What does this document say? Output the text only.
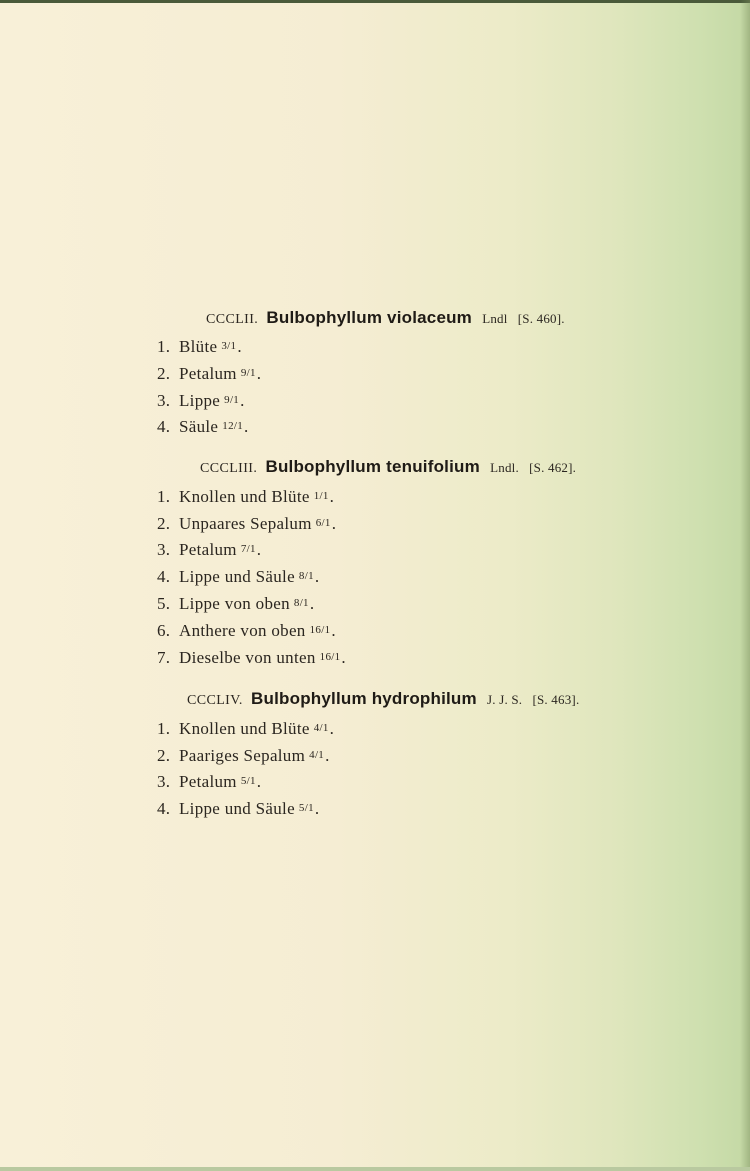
CCCLII. Bulbophyllum violaceum Lndl [S. 460].
1. Blüte 3/1.
2. Petalum 9/1.
3. Lippe 9/1.
4. Säule 12/1.
CCCLIII. Bulbophyllum tenuifolium Lndl. [S. 462].
1. Knollen und Blüte 1/1.
2. Unpaares Sepalum 6/1.
3. Petalum 7/1.
4. Lippe und Säule 8/1.
5. Lippe von oben 8/1.
6. Anthere von oben 16/1.
7. Dieselbe von unten 16/1.
CCCLIV. Bulbophyllum hydrophilum J. J. S. [S. 463].
1. Knollen und Blüte 4/1.
2. Paariges Sepalum 4/1.
3. Petalum 5/1.
4. Lippe und Säule 5/1.
